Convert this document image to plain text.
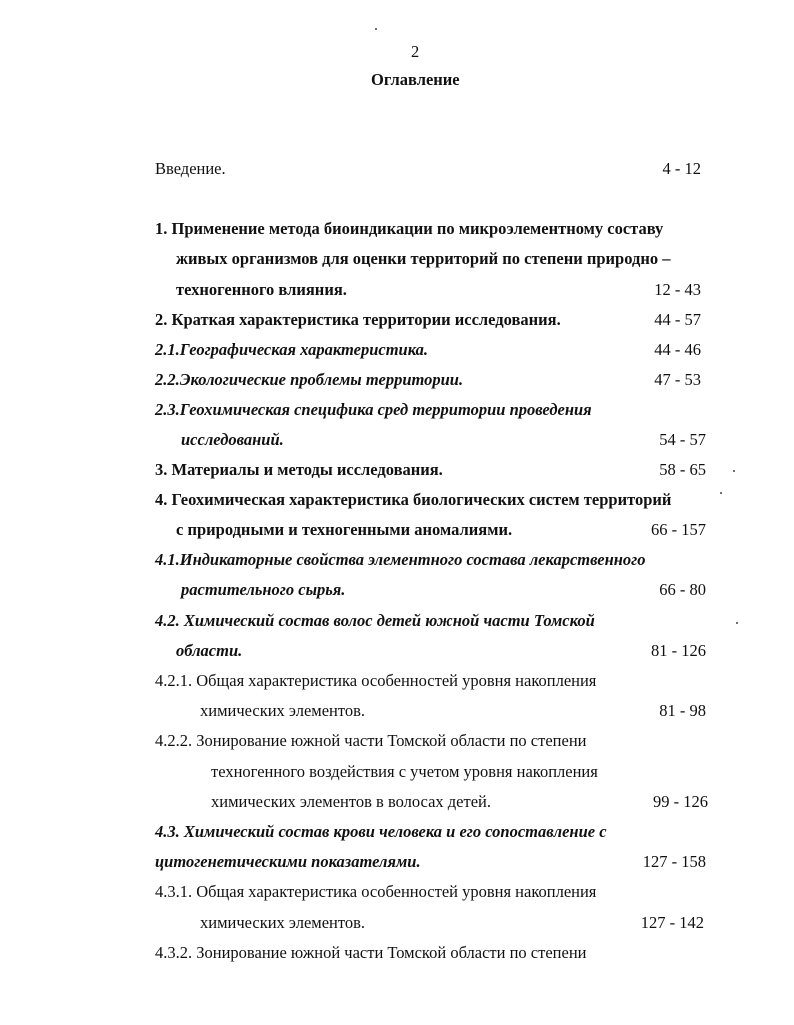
2
Оглавление
Введение.	4 - 12
1. Применение метода биоиндикации по микроэлементному составу
живых организмов для оценки территорий по степени природно –
техногенного влияния.	12 - 43
2. Краткая характеристика территории исследования.	44 - 57
2.1.Географическая характеристика.	44 - 46
2.2.Экологические проблемы территории.	47 - 53
2.3.Геохимическая специфика сред территории проведения
исследований.	54 - 57
3. Материалы и методы исследования.	58 - 65
4. Геохимическая характеристика биологических систем территорий
с природными и техногенными аномалиями.	66 - 157
4.1.Индикаторные свойства элементного состава лекарственного
растительного сырья.	66 - 80
4.2. Химический состав волос детей южной части Томской
области.	81 - 126
4.2.1. Общая характеристика особенностей уровня накопления
химических элементов.	81 - 98
4.2.2. Зонирование южной части Томской области по степени
техногенного воздействия с учетом уровня накопления
химических элементов в волосах детей.	99 - 126
4.3. Химический состав крови человека и его сопоставление с
цитогенетическими показателями.	127 - 158
4.3.1. Общая характеристика особенностей уровня накопления
химических элементов.	127 - 142
4.3.2. Зонирование южной части Томской области по степени
